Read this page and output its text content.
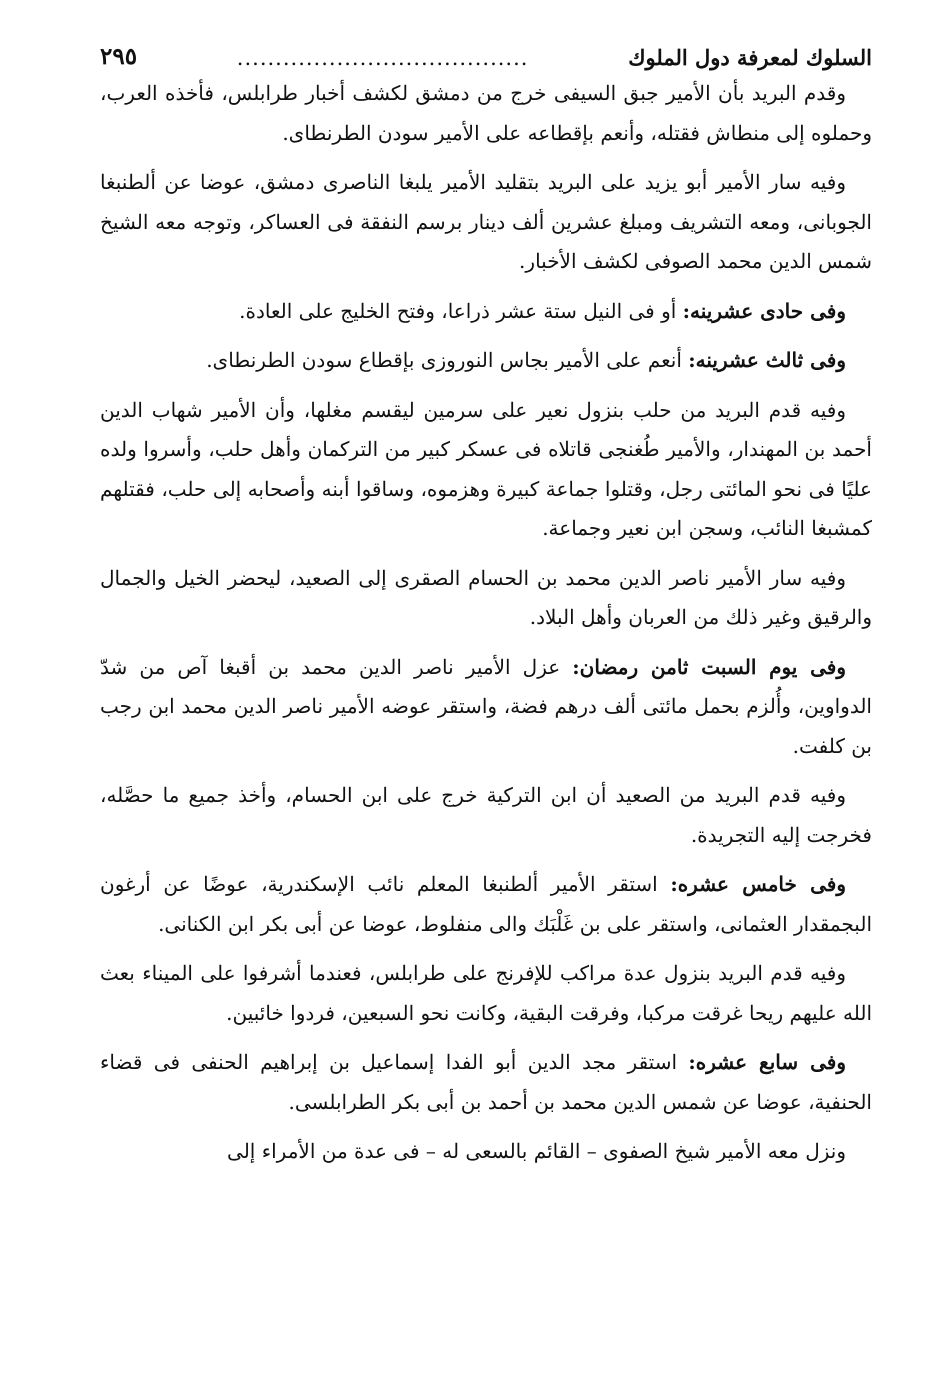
السلوك لمعرفة دول الملوك
......................................
٢٩٥

وقدم البريد بأن الأمير جبق السيفى خرج من دمشق لكشف أخبار طرابلس، فأخذه العرب، وحملوه إلى منطاش فقتله، وأنعم بإقطاعه على الأمير سودن الطرنطاى.

وفيه سار الأمير أبو يزيد على البريد بتقليد الأمير يلبغا الناصرى دمشق، عوضا عن ألطنبغا الجوبانى، ومعه التشريف ومبلغ عشرين ألف دينار برسم النفقة فى العساكر، وتوجه معه الشيخ شمس الدين محمد الصوفى لكشف الأخبار.

وفى حادى عشرينه: أو فى النيل ستة عشر ذراعا، وفتح الخليج على العادة.

وفى ثالث عشرينه: أنعم على الأمير بجاس النوروزى بإقطاع سودن الطرنطاى.

وفيه قدم البريد من حلب بنزول نعير على سرمين ليقسم مغلها، وأن الأمير شهاب الدين أحمد بن المهندار، والأمير طُغنجى قاتلاه فى عسكر كبير من التركمان وأهل حلب، وأسروا ولده عليًا فى نحو المائتى رجل، وقتلوا جماعة كبيرة وهزموه، وساقوا أبنه وأصحابه إلى حلب، فقتلهم كمشبغا النائب، وسجن ابن نعير وجماعة.

وفيه سار الأمير ناصر الدين محمد بن الحسام الصقرى إلى الصعيد، ليحضر الخيل والجمال والرقيق وغير ذلك من العربان وأهل البلاد.

وفى يوم السبت ثامن رمضان: عزل الأمير ناصر الدين محمد بن أقبغا آص من شدّ الدواوين، وأُلزم بحمل مائتى ألف درهم فضة، واستقر عوضه الأمير ناصر الدين محمد ابن رجب بن كلفت.

وفيه قدم البريد من الصعيد أن ابن التركية خرج على ابن الحسام، وأخذ جميع ما حصَّله، فخرجت إليه التجريدة.

وفى خامس عشره: استقر الأمير ألطنبغا المعلم نائب الإسكندرية، عوضًا عن أرغون البجمقدار العثمانى، واستقر على بن غَلْبَك والى منفلوط، عوضا عن أبى بكر ابن الكنانى.

وفيه قدم البريد بنزول عدة مراكب للإفرنج على طرابلس، فعندما أشرفوا على الميناء بعث الله عليهم ريحا غرقت مركبا، وفرقت البقية، وكانت نحو السبعين، فردوا خائبين.

وفى سابع عشره: استقر مجد الدين أبو الفدا إسماعيل بن إبراهيم الحنفى فى قضاء الحنفية، عوضا عن شمس الدين محمد بن أحمد بن أبى بكر الطرابلسى.

ونزل معه الأمير شيخ الصفوى – القائم بالسعى له – فى عدة من الأمراء إلى
